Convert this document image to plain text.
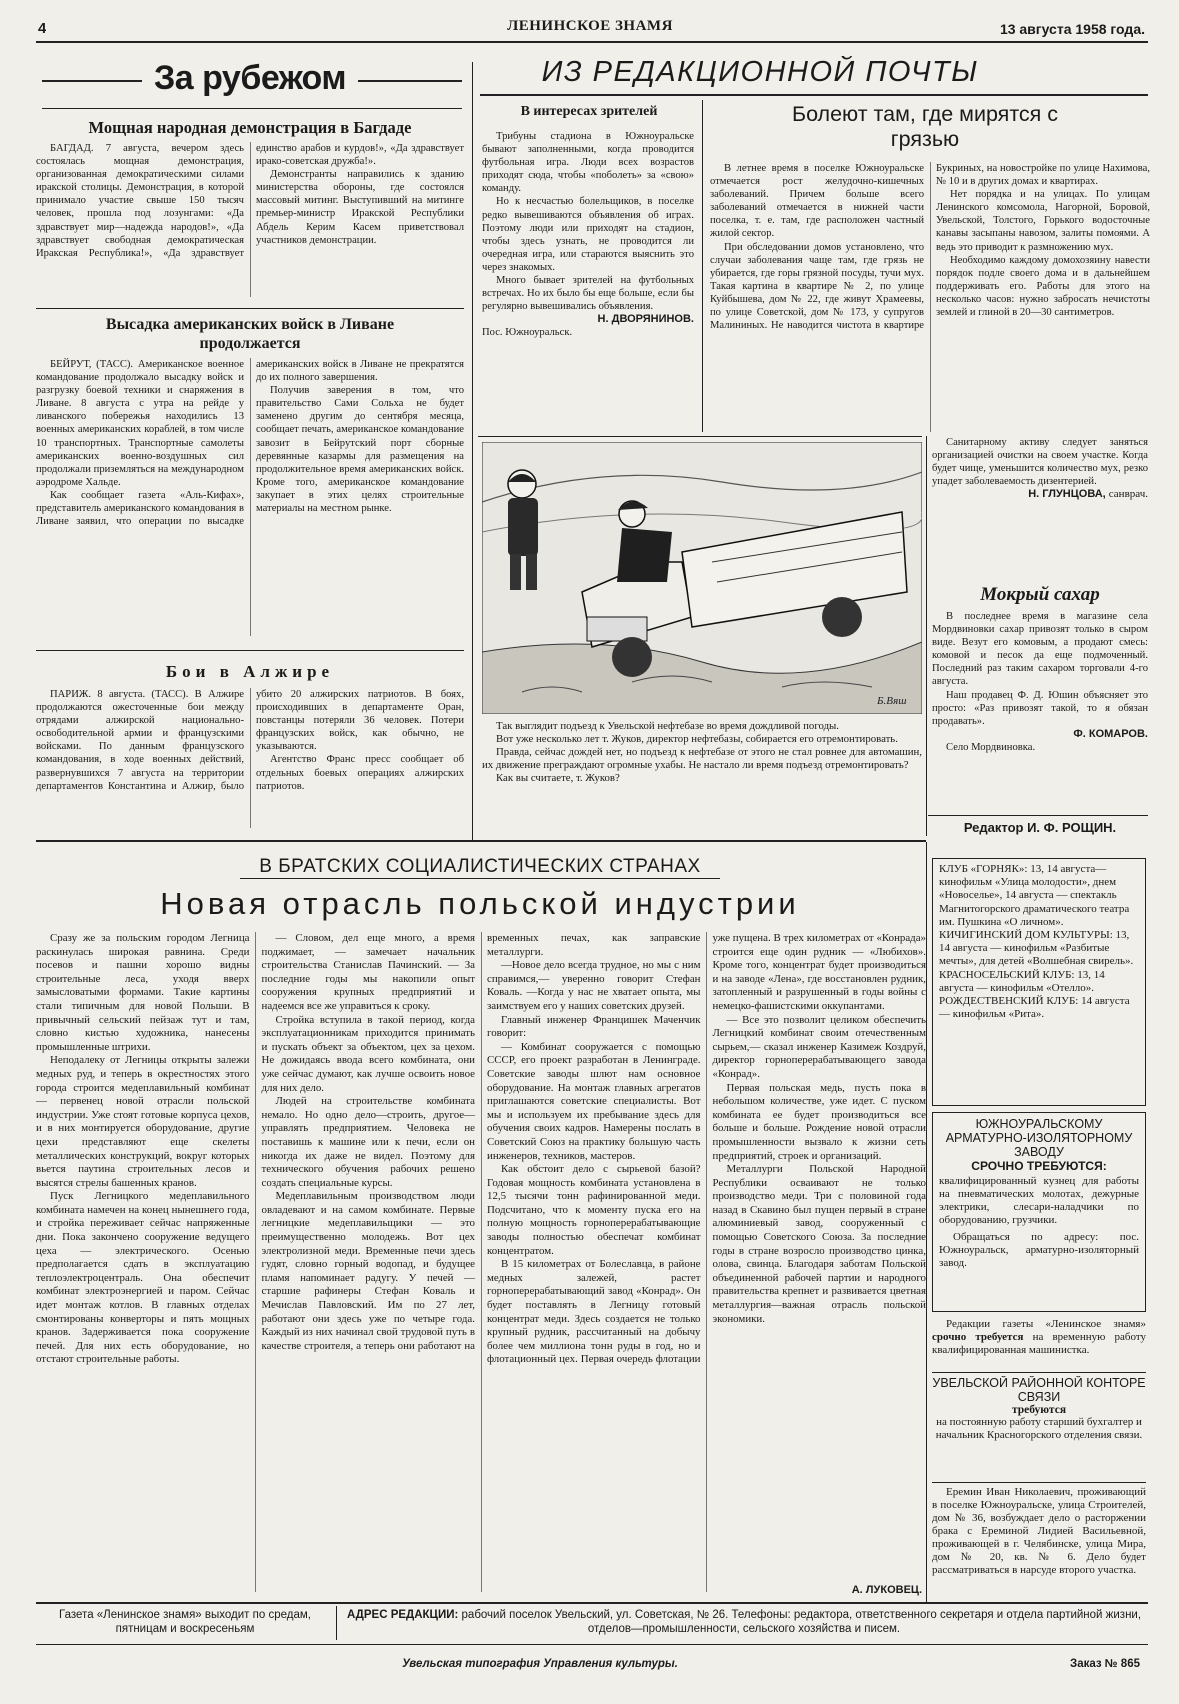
4	ЛЕНИНСКОЕ ЗНАМЯ	13 августа 1958 года.
За рубежом
Мощная народная демонстрация в Багдаде

БАГДАД. 7 августа, вечером здесь состоялась мощная демонстрация, организованная демократическими силами иракской столицы. Демонстрация, в которой принимало участие свыше 150 тысяч человек, прошла под лозунгами: «Да здравствует мир—надежда народов!», «Да здравствует свободная демократическая Иракская Республика!», «Да здравствует единство арабов и курдов!», «Да здравствует ирако-советская дружба!».

Демонстранты направились к зданию министерства обороны, где состоялся массовый митинг. Выступивший на митинге премьер-министр Иракской Республики Абдель Керим Касем приветствовал участников демонстрации.

Высадка американских войск в Ливане продолжается

БЕЙРУТ, (ТАСС). Американское военное командование продолжало высадку войск и разгрузку боевой техники и снаряжения в Ливане. 8 августа с утра на рейде у ливанского побережья находились 13 военных американских кораблей, в том числе 10 транспортных. Транспортные самолеты американских военно-воздушных сил продолжали приземляться на международном аэродроме Хальде.

Как сообщает газета «Аль-Кифах», представитель американского командования в Ливане заявил, что операции по высадке американских войск в Ливане не прекратятся до их полного завершения.

Получив заверения в том, что правительство Сами Сольха не будет заменено другим до сентября месяца, сообщает печать, американское командование завозит в Бейрутский порт сборные деревянные казармы для размещения на продолжительное время американских войск. Кроме того, американское командование закупает в этих целях строительные материалы на местном рынке.

Бои в Алжире

ПАРИЖ. 8 августа. (ТАСС). В Алжире продолжаются ожесточенные бои между отрядами алжирской национально-освободительной армии и французскими войсками. По данным французского командования, в ходе военных действий, развернувшихся 7 августа на территории департаментов Константина и Алжир, было убито 20 алжирских патриотов. В боях, происходивших в департаменте Оран, повстанцы потеряли 36 человек. Потери французских войск, как обычно, не указываются.

Агентство Франс пресс сообщает об отдельных боевых операциях алжирских патриотов.

ИЗ РЕДАКЦИОННОЙ ПОЧТЫ
В интересах зрителей

Трибуны стадиона в Южноуральске бывают заполненными, когда проводится футбольная игра. Люди всех возрастов приходят сюда, чтобы «поболеть» за «свою» команду.

Но к несчастью болельщиков, в поселке редко вывешиваются объявления об играх. Поэтому люди или приходят на стадион, чтобы здесь узнать, не проводится ли очередная игра, или стараются выяснить это через знакомых.

Много бывает зрителей на футбольных встречах. Но их было бы еще больше, если бы регулярно вывешивались объявления.

Н. ДВОРЯНИНОВ.
Пос. Южноуральск.
Болеют там, где мирятся с грязью

В летнее время в поселке Южноуральске отмечается рост желудочно-кишечных заболеваний. Причем больше всего заболеваний отмечается в нижней части поселка, т. е. там, где расположен частный жилой сектор.

При обследовании домов установлено, что случаи заболевания чаще там, где грязь не убирается, где горы грязной посуды, тучи мух. Такая картина в квартире № 2, по улице Куйбышева, дом № 22, где живут Храмеевы, по улице Советской, дом № 173, у супругов Малининых. Не наводится чистота в квартире Букриных, на новостройке по улице Нахимова, № 10 и в других домах и квартирах.

Нет порядка и на улицах. По улицам Ленинского комсомола, Нагорной, Боровой, Увельской, Толстого, Горького водосточные канавы засыпаны навозом, залиты помоями. А ведь это приводит к размножению мух.

Необходимо каждому домохозяину навести порядок подле своего дома и в дальнейшем поддерживать его. Работы для этого на несколько часов: нужно забросать нечистоты землей и глиной в 20—30 сантиметров.

Б.Вяш

Так выглядит подъезд к Увельской нефтебазе во время дождливой погоды.

Вот уже несколько лет т. Жуков, директор нефтебазы, собирается его отремонтировать.

Правда, сейчас дождей нет, но подъезд к нефтебазе от этого не стал ровнее для автомашин, их движение преграждают огромные ухабы. Не настало ли время подъезд отремонтировать?

Как вы считаете, т. Жуков?

Санитарному активу следует заняться организацией очистки на своем участке. Когда будет чище, уменьшится количество мух, резко упадет заболеваемость дизентерией.

Н. ГЛУНЦОВА, санврач.
Мокрый сахар

В последнее время в магазине села Мордвиновки сахар привозят только в сыром виде. Везут его комовым, а продают смесь: комовой и песок да еще подмоченный. Последний раз таким сахаром торговали 4-го августа.

Наш продавец Ф. Д. Юшин объясняет это просто: «Раз привозят такой, то я обязан продавать».

Ф. КОМАРОВ.

Село Мордвиновка.

Редактор И. Ф. РОЩИН.
В БРАТСКИХ СОЦИАЛИСТИЧЕСКИХ СТРАНАХ
Новая отрасль польской индустрии

Сразу же за польским городом Легница раскинулась широкая равнина. Среди посевов и пашни хорошо видны строительные леса, уходя вверх замысловатыми формами. Такие картины стали типичным для новой Польши. В привычный сельский пейзаж тут и там, словно кистью художника, нанесены промышленные штрихи.

Неподалеку от Легницы открыты залежи медных руд, и теперь в окрестностях этого города строится медеплавильный комбинат — первенец новой отрасли польской индустрии. Уже стоят готовые корпуса цехов, и в них монтируется оборудование, другие цехи представляют еще скелеты металлических конструкций, вокруг которых вьется паутина строительных лесов и высятся стрелы башенных кранов.

Пуск Легницкого медеплавильного комбината намечен на конец нынешнего года, и стройка переживает сейчас напряженные дни. Пока закончено сооружение ведущего цеха — электрического. Осенью предполагается сдать в эксплуатацию теплоэлектроцентраль. Она обеспечит комбинат электроэнергией и паром. Сейчас идет монтаж котлов. В главных отделах смонтированы конверторы и пять мощных кранов. Задерживается пока сооружение печей. Для них есть оборудование, но отстают строительные работы.

— Словом, дел еще много, а время поджимает, — замечает начальник строительства Станислав Пачинский. — За последние годы мы накопили опыт сооружения крупных предприятий и надеемся все же управиться к сроку.

Стройка вступила в такой период, когда эксплуатационникам приходится принимать и пускать объект за объектом, цех за цехом. Не дожидаясь ввода всего комбината, они уже сейчас думают, как лучше освоить новое для них дело.

Людей на строительстве комбината немало. Но одно дело—строить, другое—управлять предприятием. Человека не поставишь к машине или к печи, если он никогда их даже не видел. Поэтому для технического обучения рабочих решено создать специальные курсы.

Медеплавильным производством люди овладевают и на самом комбинате. Первые легницкие медеплавильщики — это преимущественно молодежь. Вот цех электролизной меди. Временные печи здесь гудят, словно горный водопад, и будущее пламя напоминает радугу. У печей — старшие рафинеры Стефан Коваль и Мечислав Павловский. Им по 27 лет, работают они здесь уже по четыре года. Каждый из них начинал свой трудовой путь в качестве строителя, а теперь они работают на временных печах, как заправские металлурги.

—Новое дело всегда трудное, но мы с ним справимся,— уверенно говорит Стефан Коваль. —Когда у нас не хватает опыта, мы заимствуем его у наших советских друзей.

Главный инженер Францишек Маченчик говорит:

— Комбинат сооружается с помощью СССР, его проект разработан в Ленинграде. Советские заводы шлют нам основное оборудование. На монтаж главных агрегатов приглашаются советские специалисты. Вот мы и используем их пребывание здесь для обучения своих кадров. Намерены послать в Советский Союз на практику большую часть инженеров, техников, мастеров.

Как обстоит дело с сырьевой базой? Годовая мощность комбината установлена в 12,5 тысячи тонн рафинированной меди. Подсчитано, что к моменту пуска его на полную мощность горноперерабатывающие заводы полностью обеспечат комбинат концентратом.

В 15 километрах от Болеславца, в районе медных залежей, растет горноперерабатывающий завод «Конрад». Он будет поставлять в Легницу готовый концентрат меди. Здесь создается не только крупный рудник, рассчитанный на добычу более чем миллиона тонн руды в год, но и флотационный цех. Первая очередь флотации уже пущена. В трех километрах от «Конрада» строится еще один рудник — «Любихов». Кроме того, концентрат будет производиться и на заводе «Лена», где восстановлен рудник, затопленный и разрушенный в годы войны с немецко-фашистскими оккупантами.

— Все это позволит целиком обеспечить Легницкий комбинат своим отечественным сырьем,— сказал инженер Казимеж Коздруй, директор горноперерабатывающего завода «Конрад».

Первая польская медь, пусть пока в небольшом количестве, уже идет. С пуском комбината ее будет производиться все больше и больше. Рождение новой отрасли промышленности вызвало к жизни сеть предприятий, строек и организаций.

Металлурги Польской Народной Республики осваивают не только производство меди. Три с половиной года назад в Скавино был пущен первый в стране алюминиевый завод, сооруженный с помощью Советского Союза. За последние годы в стране возросло производство цинка, олова, свинца. Благодаря заботам Польской объединенной рабочей партии и народного правительства крепнет и развивается цветная металлургия—важная отрасль польской экономики.

А. ЛУКОВЕЦ.
КЛУБ «ГОРНЯК»: 13, 14 августа— кинофильм «Улица молодости», днем «Новоселье», 14 августа — спектакль Магнитогорского драматического театра им. Пушкина «О личном».
КИЧИГИНСКИЙ ДОМ КУЛЬТУРЫ: 13, 14 августа — кинофильм «Разбитые мечты», для детей «Волшебная свирель».
КРАСНОСЕЛЬСКИЙ КЛУБ: 13, 14 августа — кинофильм «Отелло».
РОЖДЕСТВЕНСКИЙ КЛУБ: 14 августа — кинофильм «Рита».
ЮЖНОУРАЛЬСКОМУ АРМАТУРНО-ИЗОЛЯТОРНОМУ ЗАВОДУ
СРОЧНО ТРЕБУЮТСЯ:
квалифицированный кузнец для работы на пневматических молотах, дежурные электрики, слесари-наладчики по оборудованию, грузчики.
Обращаться по адресу: пос. Южноуральск, арматурно-изоляторный завод.
Редакции газеты «Ленинское знамя» срочно требуется на временную работу квалифицированная машинистка.
УВЕЛЬСКОЙ РАЙОННОЙ КОНТОРЕ СВЯЗИ
требуются
на постоянную работу старший бухгалтер и начальник Красногорского отделения связи.
Еремин Иван Николаевич, проживающий в поселке Южноуральске, улица Строителей, дом № 36, возбуждает дело о расторжении брака с Ереминой Лидией Васильевной, проживающей в г. Челябинске, улица Мира, дом № 20, кв. № 6. Дело будет рассматриваться в нарсуде второго участка.
Газета «Ленинское знамя» выходит по средам, пятницам и воскресеньям
АДРЕС РЕДАКЦИИ: рабочий поселок Увельский, ул. Советская, № 26. Телефоны: редактора, ответственного секретаря и отдела партийной жизни, отделов—промышленности, сельского хозяйства и писем.
Увельская типография Управления культуры.	Заказ № 865
